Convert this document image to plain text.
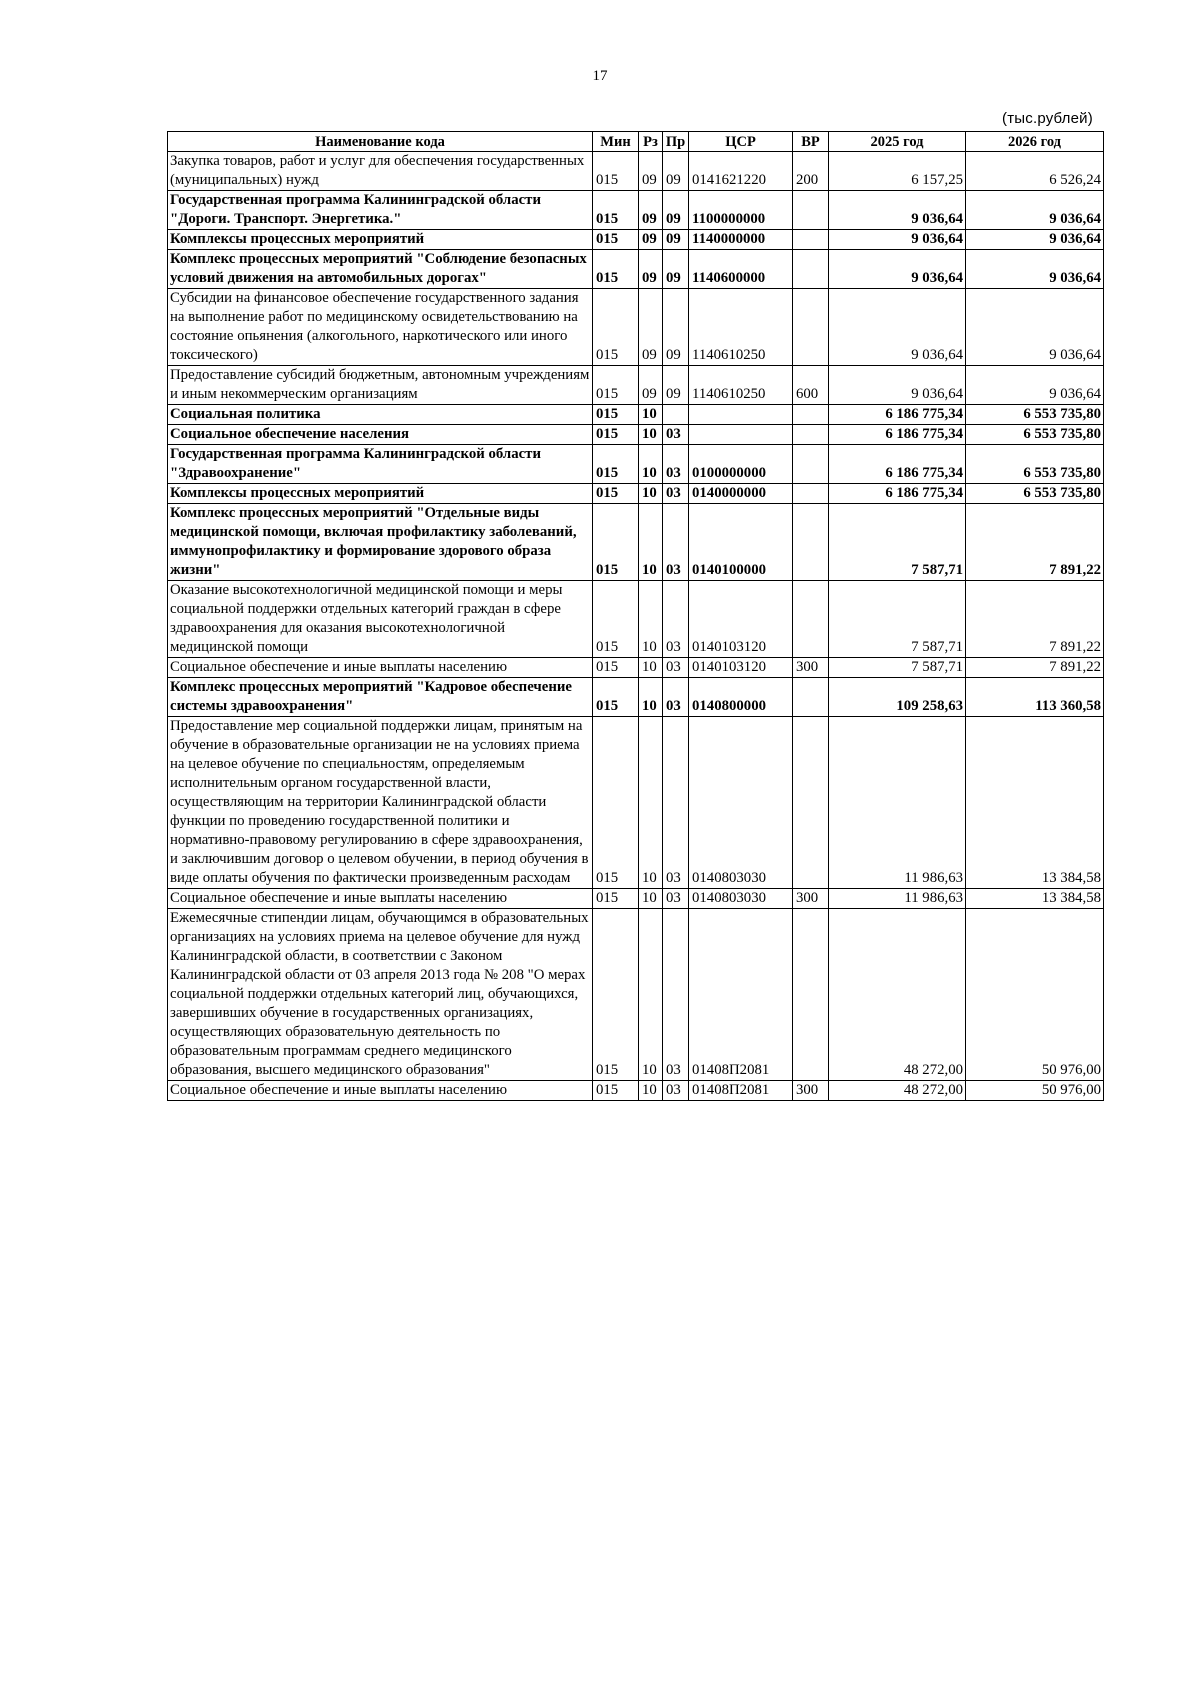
17
(тыс.рублей)
Наименование кода	Мин	Рз	Пр	ЦСР	ВР	2025 год	2026 год
Закупка товаров, работ и услуг для обеспечения государственных (муниципальных) нужд	015	09	09	0141621220	200	6 157,25	6 526,24
Государственная программа Калининградской области "Дороги. Транспорт. Энергетика."	015	09	09	1100000000		9 036,64	9 036,64
Комплексы процессных мероприятий	015	09	09	1140000000		9 036,64	9 036,64
Комплекс процессных мероприятий "Соблюдение безопасных условий движения на автомобильных дорогах"	015	09	09	1140600000		9 036,64	9 036,64
Субсидии на финансовое обеспечение государственного задания на выполнение работ по медицинскому освидетельствованию на состояние опьянения (алкогольного, наркотического или иного токсического)	015	09	09	1140610250		9 036,64	9 036,64
Предоставление субсидий бюджетным, автономным учреждениям и иным некоммерческим организациям	015	09	09	1140610250	600	9 036,64	9 036,64
Социальная политика	015	10				6 186 775,34	6 553 735,80
Социальное обеспечение населения	015	10	03			6 186 775,34	6 553 735,80
Государственная программа Калининградской области "Здравоохранение"	015	10	03	0100000000		6 186 775,34	6 553 735,80
Комплексы процессных мероприятий	015	10	03	0140000000		6 186 775,34	6 553 735,80
Комплекс процессных мероприятий "Отдельные виды медицинской помощи, включая профилактику заболеваний, иммунопрофилактику и формирование здорового образа жизни"	015	10	03	0140100000		7 587,71	7 891,22
Оказание высокотехнологичной медицинской помощи и меры социальной поддержки отдельных категорий граждан в сфере здравоохранения для оказания высокотехнологичной медицинской помощи	015	10	03	0140103120		7 587,71	7 891,22
Социальное обеспечение и иные выплаты населению	015	10	03	0140103120	300	7 587,71	7 891,22
Комплекс процессных мероприятий "Кадровое обеспечение системы здравоохранения"	015	10	03	0140800000		109 258,63	113 360,58
Предоставление мер социальной поддержки лицам, принятым на обучение в образовательные организации не на условиях приема на целевое обучение по специальностям, определяемым исполнительным органом государственной власти, осуществляющим на территории Калининградской области функции по проведению государственной политики и нормативно-правовому регулированию в сфере здравоохранения, и заключившим договор о целевом обучении, в период обучения в виде оплаты обучения по фактически произведенным расходам	015	10	03	0140803030		11 986,63	13 384,58
Социальное обеспечение и иные выплаты населению	015	10	03	0140803030	300	11 986,63	13 384,58
Ежемесячные стипендии лицам, обучающимся в образовательных организациях на условиях приема на целевое обучение для нужд Калининградской области, в соответствии с Законом Калининградской области от 03 апреля 2013 года № 208 "О мерах социальной поддержки отдельных категорий лиц, обучающихся, завершивших обучение в государственных организациях, осуществляющих образовательную деятельность по образовательным программам среднего медицинского образования, высшего медицинского образования"	015	10	03	01408П2081		48 272,00	50 976,00
Социальное обеспечение и иные выплаты населению	015	10	03	01408П2081	300	48 272,00	50 976,00
